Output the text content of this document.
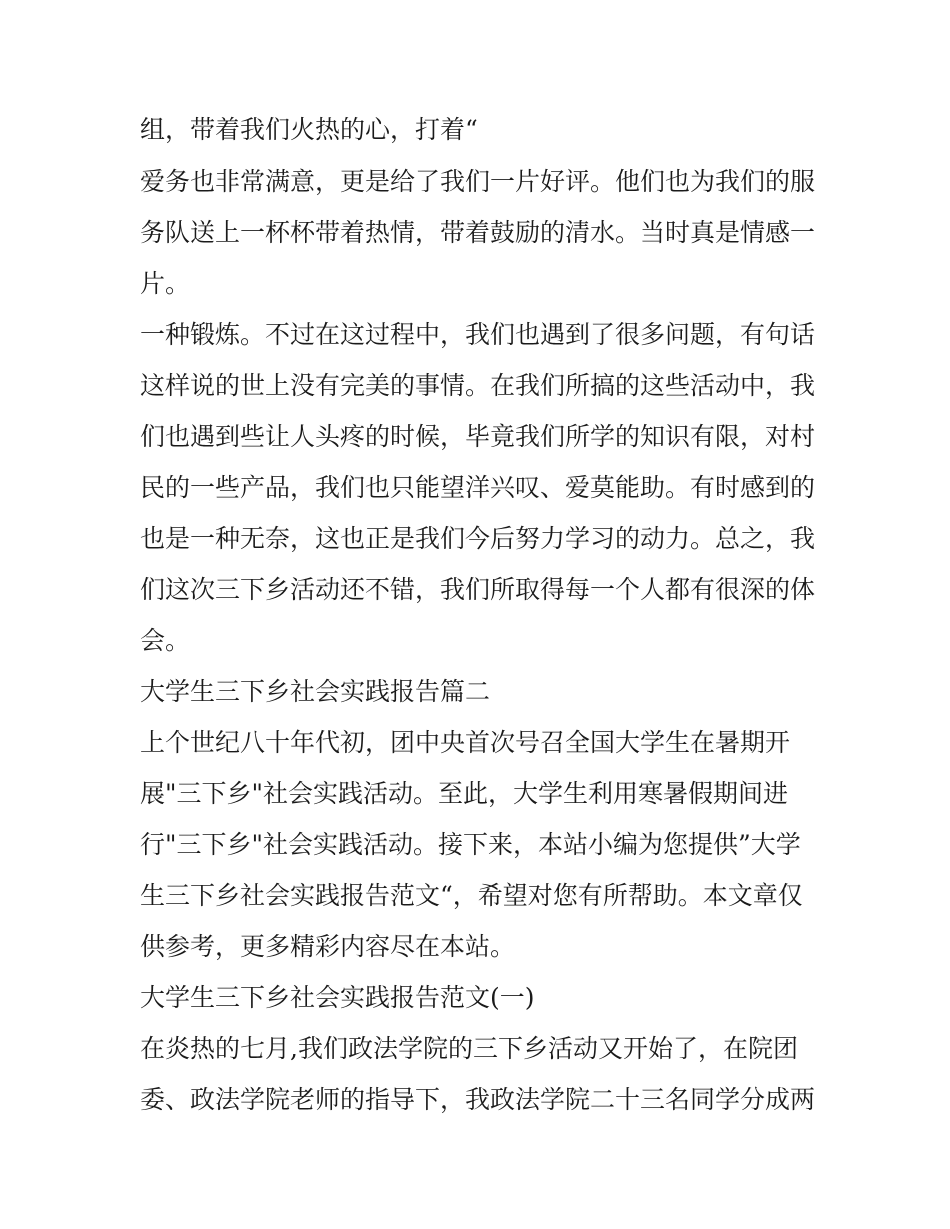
组，带着我们火热的心，打着“
爱务也非常满意，更是给了我们一片好评。他们也为我们的服
务队送上一杯杯带着热情，带着鼓励的清水。当时真是情感一
片。
一种锻炼。不过在这过程中，我们也遇到了很多问题，有句话
这样说的世上没有完美的事情。在我们所搞的这些活动中，我
们也遇到些让人头疼的时候，毕竟我们所学的知识有限，对村
民的一些产品，我们也只能望洋兴叹、爱莫能助。有时感到的
也是一种无奈，这也正是我们今后努力学习的动力。总之，我
们这次三下乡活动还不错，我们所取得每一个人都有很深的体
会。
大学生三下乡社会实践报告篇二
上个世纪八十年代初，团中央首次号召全国大学生在暑期开
展"三下乡"社会实践活动。至此，大学生利用寒暑假期间进
行"三下乡"社会实践活动。接下来，本站小编为您提供”大学
生三下乡社会实践报告范文“，希望对您有所帮助。本文章仅
供参考，更多精彩内容尽在本站。
大学生三下乡社会实践报告范文(一)
在炎热的七月,我们政法学院的三下乡活动又开始了，在院团
委、政法学院老师的指导下，我政法学院二十三名同学分成两
